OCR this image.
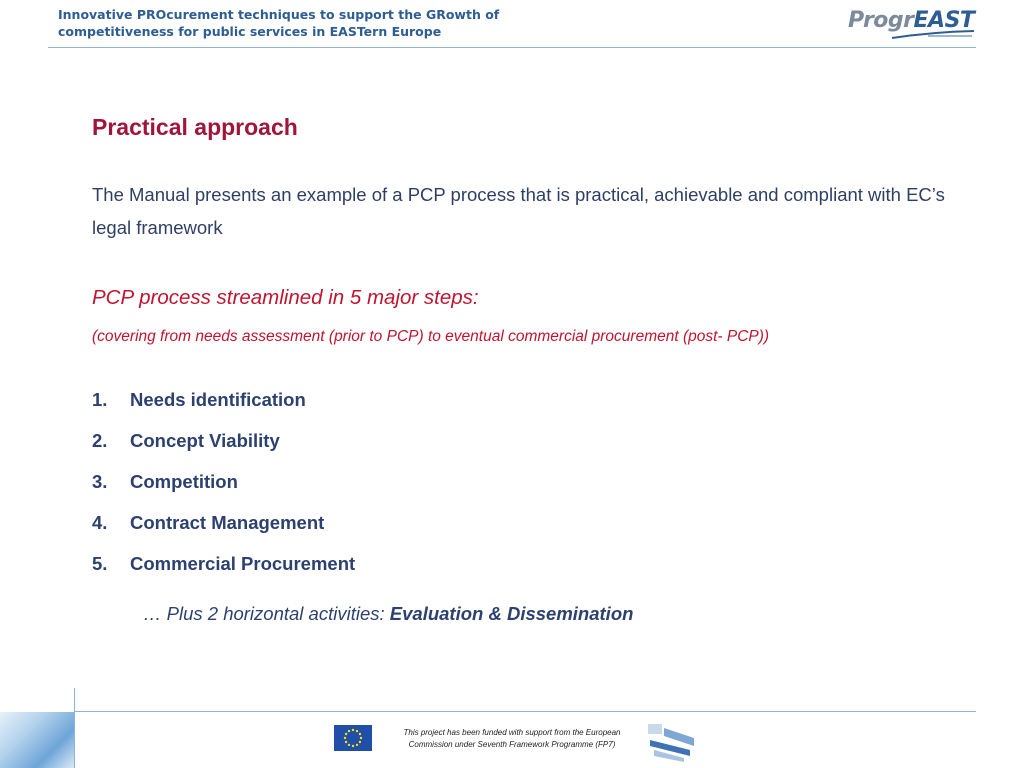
Innovative PROcurement techniques to support the GRowth of
competitiveness for public services in EASTern Europe	ProgrEAST
Practical approach
The Manual presents an example of a PCP process that is practical, achievable and compliant with EC’s legal framework
PCP process streamlined in 5 major steps:
(covering from needs assessment (prior to PCP) to eventual commercial procurement (post- PCP))
1.	Needs identification
2.	Concept Viability
3.	Competition
4.	Contract Management
5.	Commercial Procurement
… Plus 2 horizontal activities: Evaluation & Dissemination
This project has been funded with support from the European
Commission under Seventh Framework Programme (FP7)
